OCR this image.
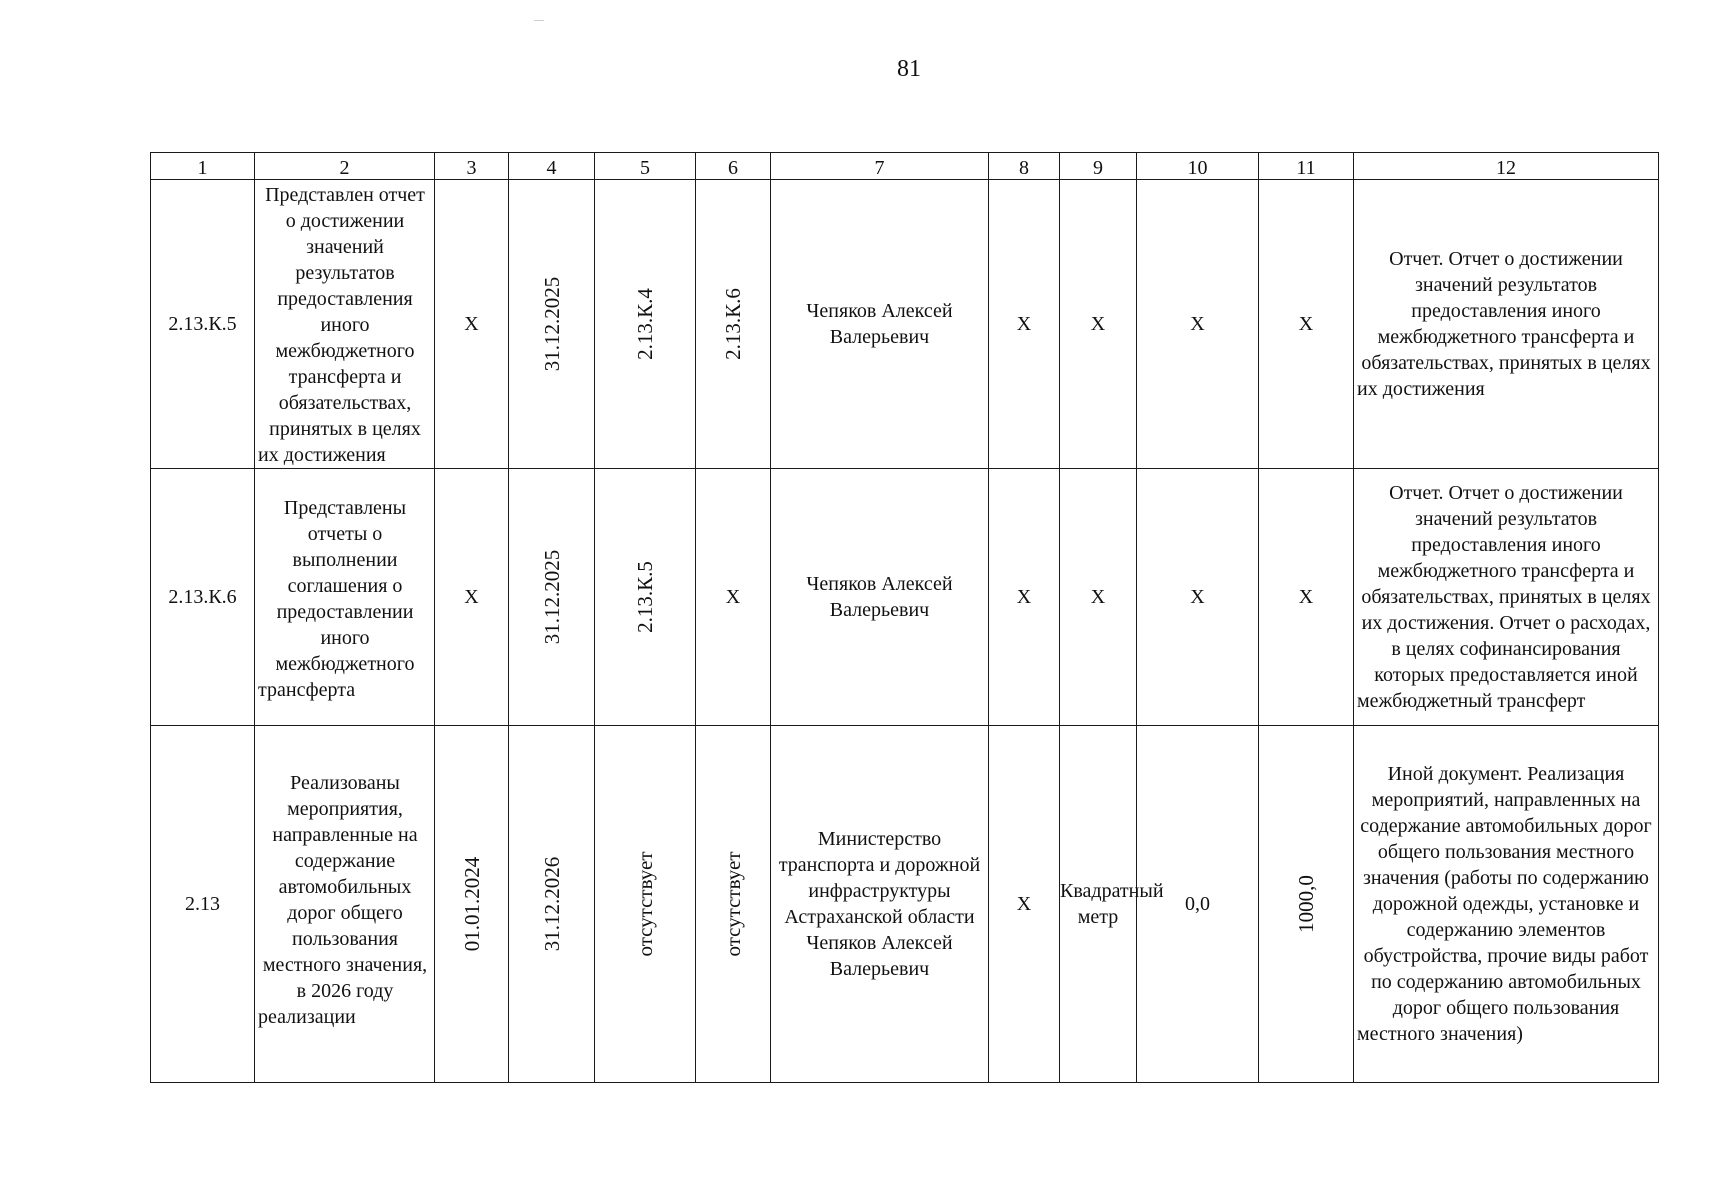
81
1	2	3	4	5	6	7	8	9	10	11	12
2.13.К.5	Представлен отчет о достижении значений результатов предоставления иного межбюджетного трансферта и обязательствах, принятых в целях их достижения	Х	31.12.2025	2.13.К.4	2.13.К.6	Чепяков Алексей Валерьевич	Х	Х	Х	Х	Отчет. Отчет о достижении значений результатов предоставления иного межбюджетного трансферта и обязательствах, принятых в целях их достижения
2.13.К.6	Представлены отчеты о выполнении соглашения о предоставлении иного межбюджетного трансферта	Х	31.12.2025	2.13.К.5	Х	Чепяков Алексей Валерьевич	Х	Х	Х	Х	Отчет. Отчет о достижении значений результатов предоставления иного межбюджетного трансферта и обязательствах, принятых в целях их достижения. Отчет о расходах, в целях софинансирования которых предоставляется иной межбюджетный трансферт
2.13	Реализованы мероприятия, направленные на содержание автомобильных дорог общего пользования местного значения, в 2026 году реализации	01.01.2024	31.12.2026	отсутствует	отсутствует	Министерство транспорта и дорожной инфраструктуры Астраханской области Чепяков Алексей Валерьевич	Х	Квадратный метр	0,0	1000,0	Иной документ. Реализация мероприятий, направленных на содержание автомобильных дорог общего пользования местного значения (работы по содержанию дорожной одежды, установке и содержанию элементов обустройства, прочие виды работ по содержанию автомобильных дорог общего пользования местного значения)
